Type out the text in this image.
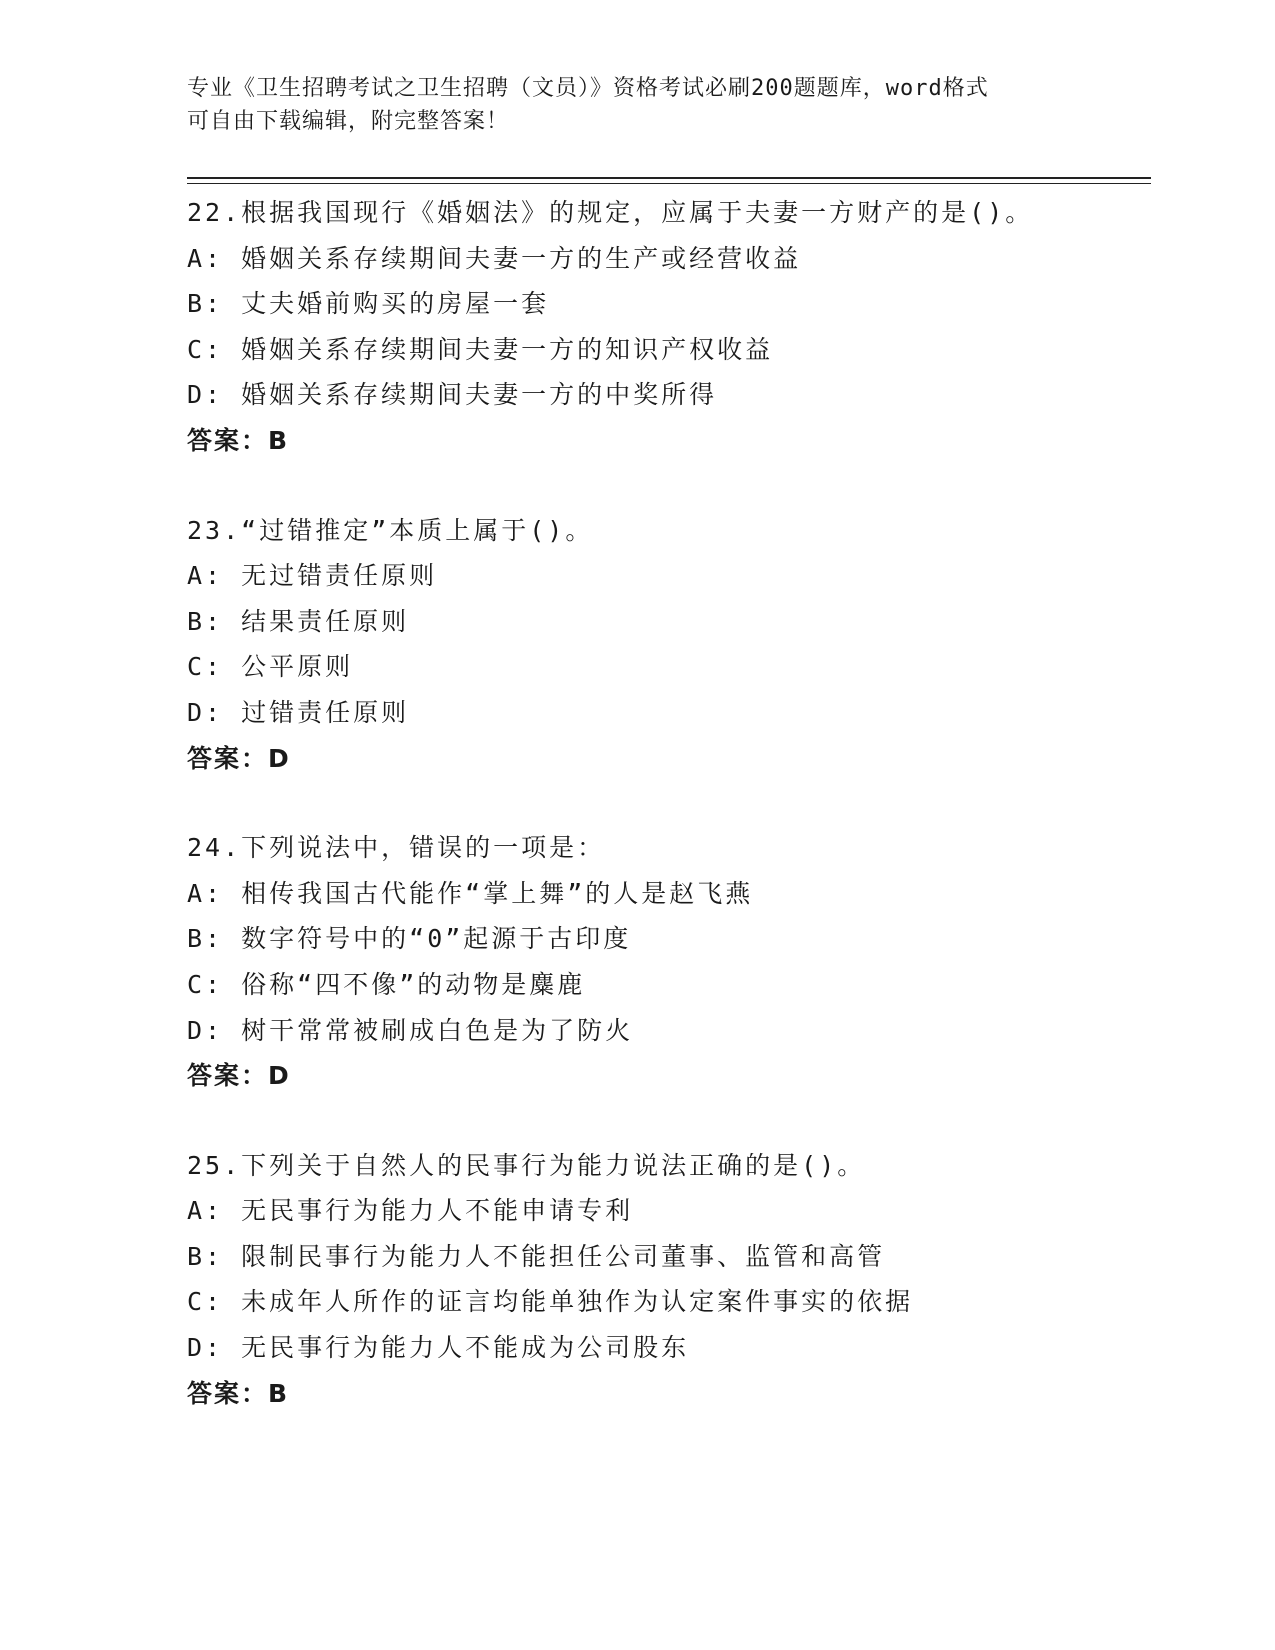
专业《卫生招聘考试之卫生招聘（文员）》资格考试必刷200题题库，word格式
可自由下载编辑，附完整答案！
22.根据我国现行《婚姻法》的规定，应属于夫妻一方财产的是()。
A: 婚姻关系存续期间夫妻一方的生产或经营收益
B: 丈夫婚前购买的房屋一套
C: 婚姻关系存续期间夫妻一方的知识产权收益
D: 婚姻关系存续期间夫妻一方的中奖所得
答案：B
23.“过错推定”本质上属于()。
A: 无过错责任原则
B: 结果责任原则
C: 公平原则
D: 过错责任原则
答案：D
24.下列说法中，错误的一项是：
A: 相传我国古代能作“掌上舞”的人是赵飞燕
B: 数字符号中的“0”起源于古印度
C: 俗称“四不像”的动物是麋鹿
D: 树干常常被刷成白色是为了防火
答案：D
25.下列关于自然人的民事行为能力说法正确的是()。
A: 无民事行为能力人不能申请专利
B: 限制民事行为能力人不能担任公司董事、监管和高管
C: 未成年人所作的证言均能单独作为认定案件事实的依据
D: 无民事行为能力人不能成为公司股东
答案：B
